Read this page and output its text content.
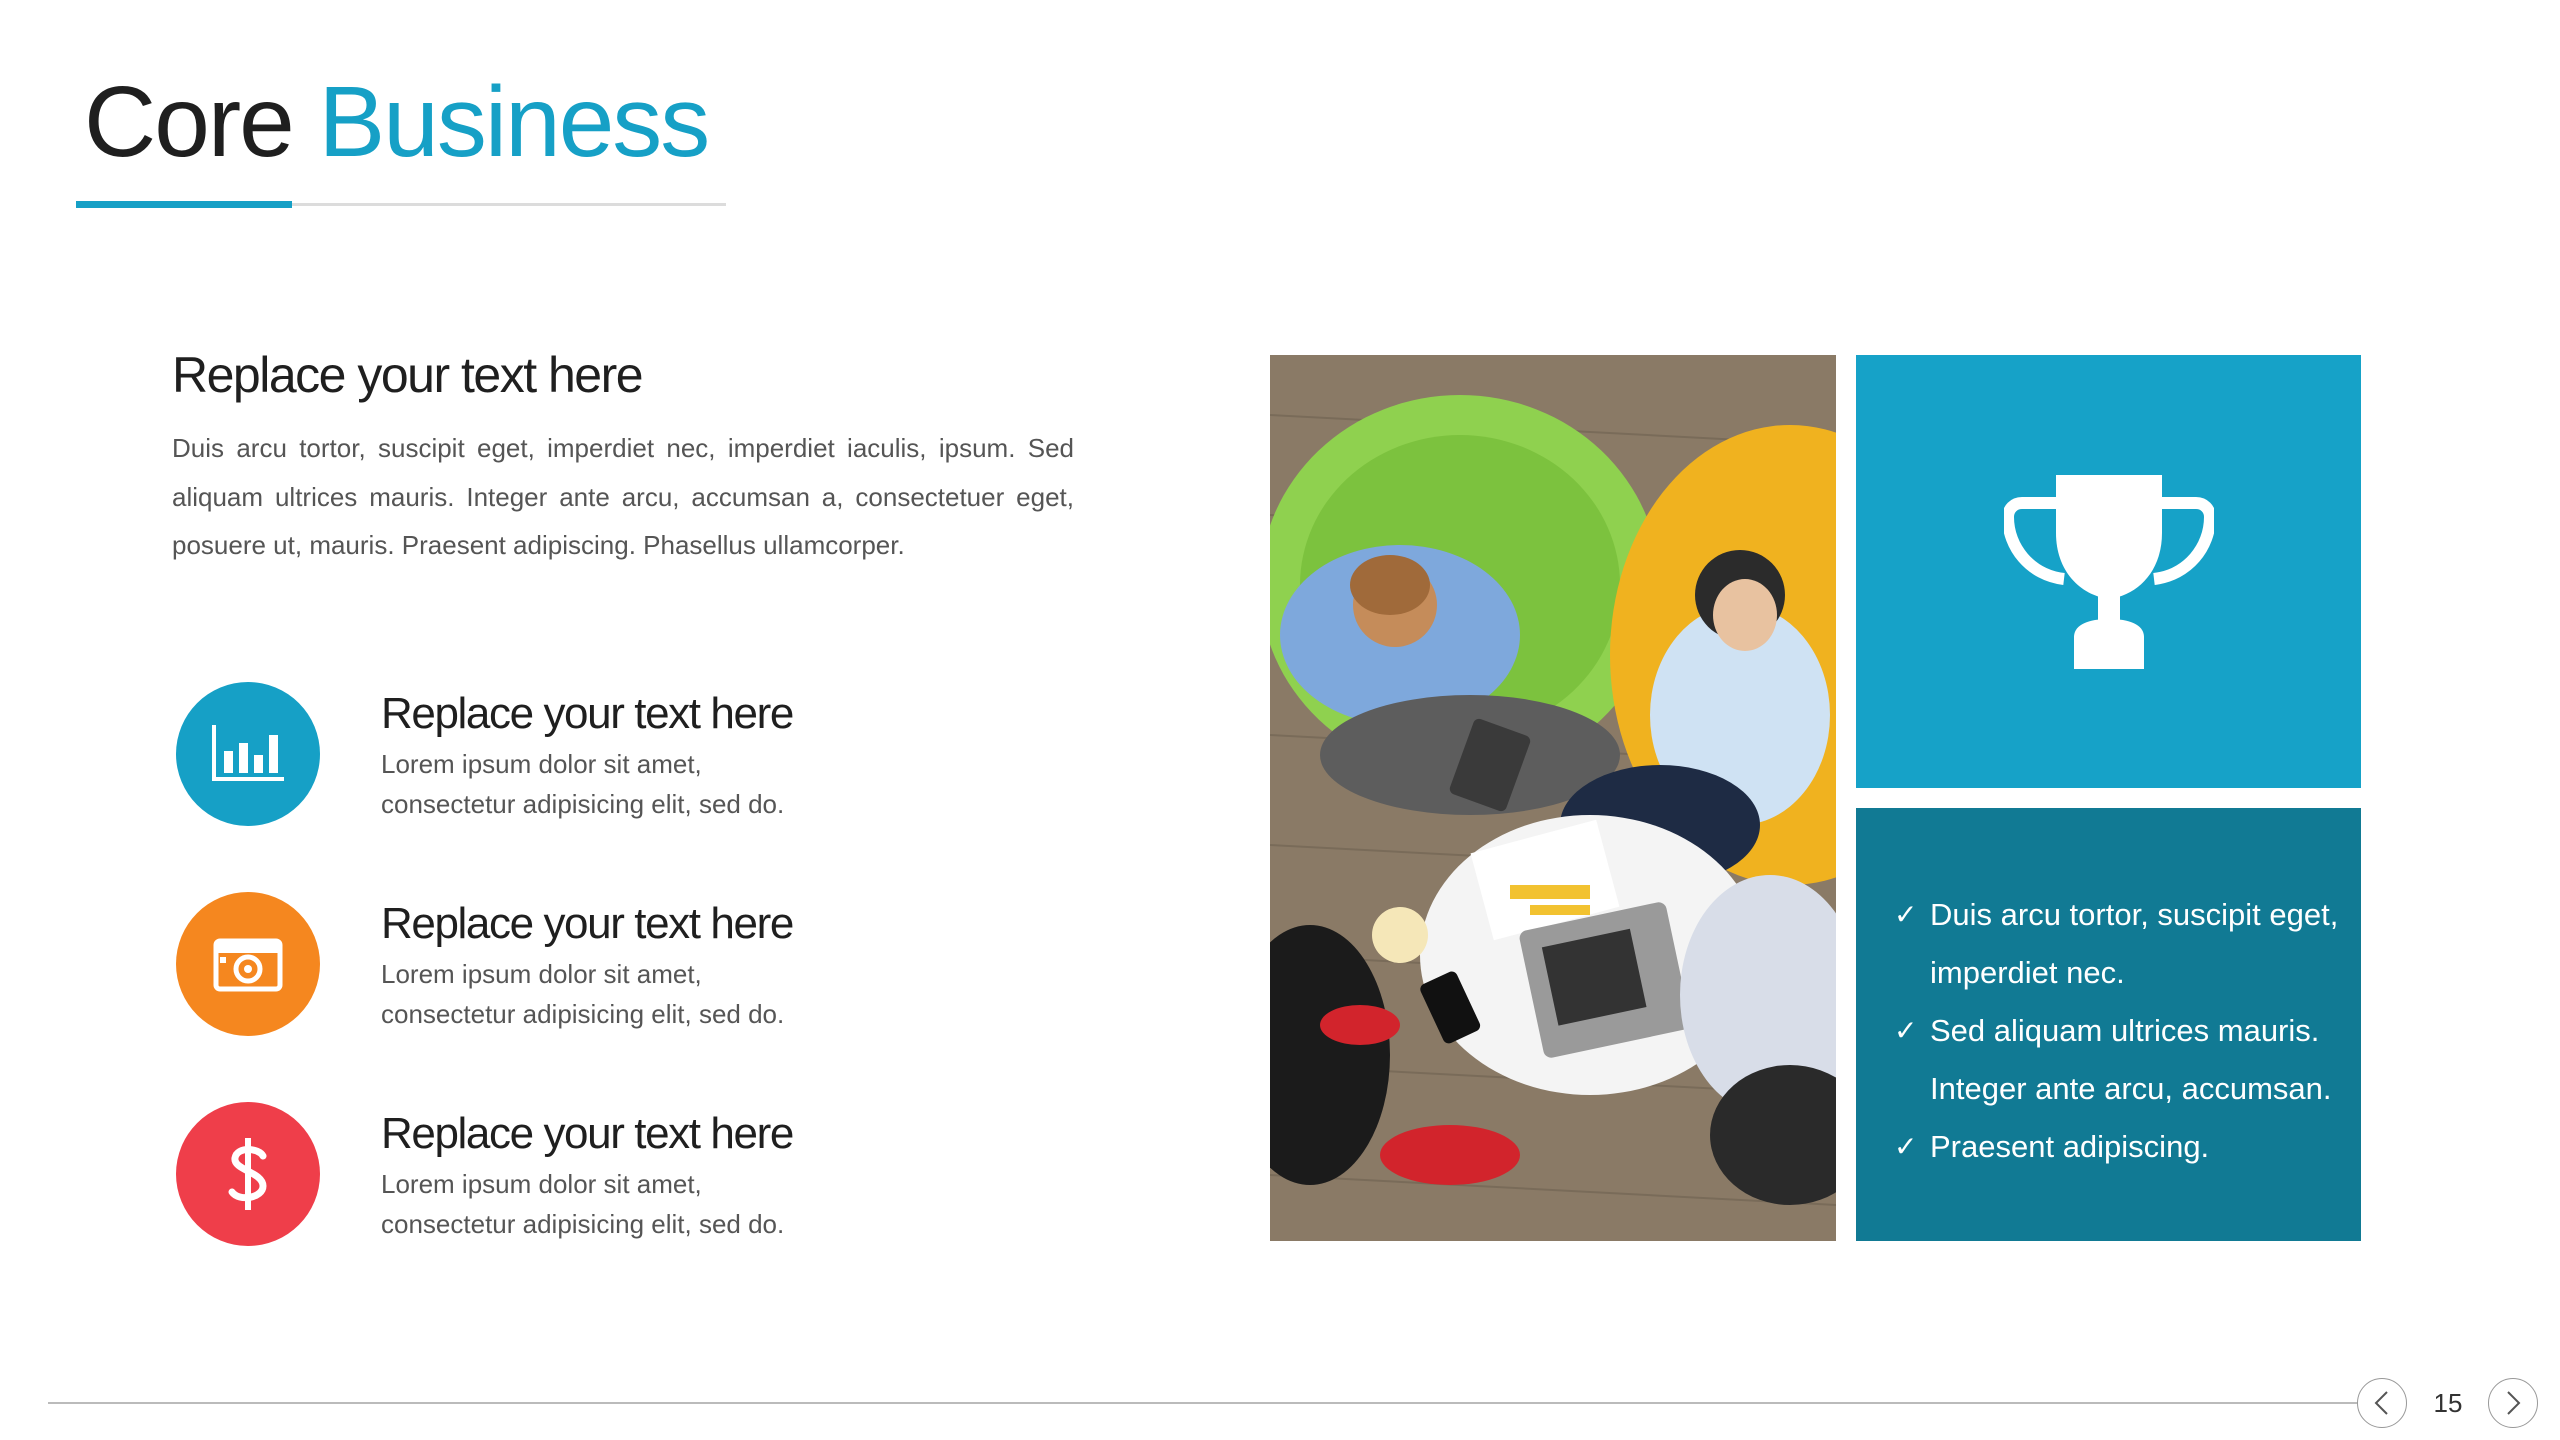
Core Business
Replace your text here

Duis arcu tortor, suscipit eget, imperdiet nec, imperdiet iaculis, ipsum. Sed aliquam ultrices mauris. Integer ante arcu, accumsan a, consectetuer eget, posuere ut, mauris. Praesent adipiscing. Phasellus ullamcorper.

Replace your text here

Lorem ipsum dolor sit amet,

consectetur adipisicing elit, sed do.

Replace your text here

Lorem ipsum dolor sit amet,

consectetur adipisicing elit, sed do.

Replace your text here

Lorem ipsum dolor sit amet,

consectetur adipisicing elit, sed do.

✓ Duis arcu tortor, suscipit eget, imperdiet nec.
✓ Sed aliquam ultrices mauris. Integer ante arcu, accumsan.
✓ Praesent adipiscing.
15
